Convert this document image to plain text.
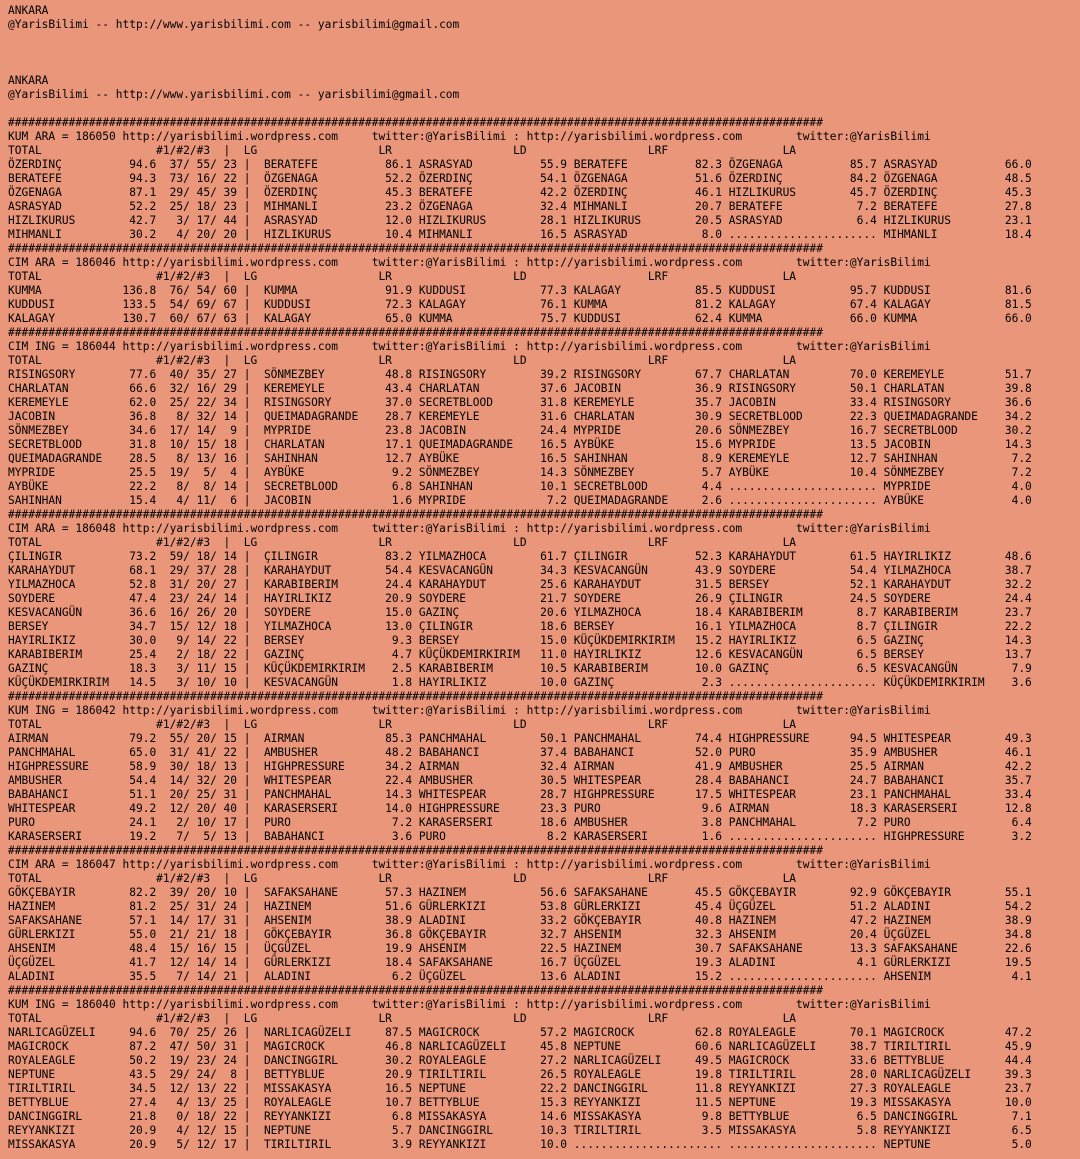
ANKARA
@YarisBilimi -- http://www.yarisbilimi.com -- yarisbilimi@gmail.com
ANKARA
@YarisBilimi -- http://www.yarisbilimi.com -- yarisbilimi@gmail.com
#########################################################################################################################
KUM ARA = 186050 http://yarisbilimi.wordpress.com     twitter:@YarisBilimi : http://yarisbilimi.wordpress.com        twitter:@YarisBilimi
TOTAL                 #1/#2/#3  |  LG                  LR                  LD                  LRF                 LA
ÖZERDINÇ          94.6  37/ 55/ 23 |  BERATEFE          86.1 ASRASYAD          55.9 BERATEFE          82.3 ÖZGENAGA          85.7 ASRASYAD          66.0
BERATEFE          94.3  73/ 16/ 22 |  ÖZGENAGA          52.2 ÖZERDINÇ          54.1 ÖZGENAGA          51.6 ÖZERDINÇ          84.2 ÖZGENAGA          48.5
ÖZGENAGA          87.1  29/ 45/ 39 |  ÖZERDINÇ          45.3 BERATEFE          42.2 ÖZERDINÇ          46.1 HIZLIKURUS        45.7 ÖZERDINÇ          45.3
ASRASYAD          52.2  25/ 18/ 23 |  MIHMANLI          23.2 ÖZGENAGA          32.4 MIHMANLI          20.7 BERATEFE           7.2 BERATEFE          27.8
HIZLIKURUS        42.7   3/ 17/ 44 |  ASRASYAD          12.0 HIZLIKURUS        28.1 HIZLIKURUS        20.5 ASRASYAD           6.4 HIZLIKURUS        23.1
MIHMANLI          30.2   4/ 20/ 20 |  HIZLIKURUS        10.4 MIHMANLI          16.5 ASRASYAD           8.0 ...................... MIHMANLI          18.4
#########################################################################################################################
CIM ARA = 186046 http://yarisbilimi.wordpress.com     twitter:@YarisBilimi : http://yarisbilimi.wordpress.com        twitter:@YarisBilimi
TOTAL                 #1/#2/#3  |  LG                  LR                  LD                  LRF                 LA
KUMMA            136.8  76/ 54/ 60 |  KUMMA             91.9 KUDDUSI           77.3 KALAGAY           85.5 KUDDUSI           95.7 KUDDUSI           81.6
KUDDUSI          133.5  54/ 69/ 67 |  KUDDUSI           72.3 KALAGAY           76.1 KUMMA             81.2 KALAGAY           67.4 KALAGAY           81.5
KALAGAY          130.7  60/ 67/ 63 |  KALAGAY           65.0 KUMMA             75.7 KUDDUSI           62.4 KUMMA             66.0 KUMMA             66.0
#########################################################################################################################
CIM ING = 186044 http://yarisbilimi.wordpress.com     twitter:@YarisBilimi : http://yarisbilimi.wordpress.com        twitter:@YarisBilimi
TOTAL                 #1/#2/#3  |  LG                  LR                  LD                  LRF                 LA
RISINGSORY        77.6  40/ 35/ 27 |  SÖNMEZBEY         48.8 RISINGSORY        39.2 RISINGSORY        67.7 CHARLATAN         70.0 KEREMEYLE         51.7
CHARLATAN         66.6  32/ 16/ 29 |  KEREMEYLE         43.4 CHARLATAN         37.6 JACOBIN           36.9 RISINGSORY        50.1 CHARLATAN         39.8
KEREMEYLE         62.0  25/ 22/ 34 |  RISINGSORY        37.0 SECRETBLOOD       31.8 KEREMEYLE         35.7 JACOBIN           33.4 RISINGSORY        36.6
JACOBIN           36.8   8/ 32/ 14 |  QUEIMADAGRANDE    28.7 KEREMEYLE         31.6 CHARLATAN         30.9 SECRETBLOOD       22.3 QUEIMADAGRANDE    34.2
SÖNMEZBEY         34.6  17/ 14/  9 |  MYPRIDE           23.8 JACOBIN           24.4 MYPRIDE           20.6 SÖNMEZBEY         16.7 SECRETBLOOD       30.2
SECRETBLOOD       31.8  10/ 15/ 18 |  CHARLATAN         17.1 QUEIMADAGRANDE    16.5 AYBÜKE            15.6 MYPRIDE           13.5 JACOBIN           14.3
QUEIMADAGRANDE    28.5   8/ 13/ 16 |  SAHINHAN          12.7 AYBÜKE            16.5 SAHINHAN           8.9 KEREMEYLE         12.7 SAHINHAN           7.2
MYPRIDE           25.5  19/  5/  4 |  AYBÜKE             9.2 SÖNMEZBEY         14.3 SÖNMEZBEY          5.7 AYBÜKE            10.4 SÖNMEZBEY          7.2
AYBÜKE            22.2   8/  8/ 14 |  SECRETBLOOD        6.8 SAHINHAN          10.1 SECRETBLOOD        4.4 ...................... MYPRIDE            4.0
SAHINHAN          15.4   4/ 11/  6 |  JACOBIN            1.6 MYPRIDE            7.2 QUEIMADAGRANDE     2.6 ...................... AYBÜKE             4.0
#########################################################################################################################
CIM ARA = 186048 http://yarisbilimi.wordpress.com     twitter:@YarisBilimi : http://yarisbilimi.wordpress.com        twitter:@YarisBilimi
TOTAL                 #1/#2/#3  |  LG                  LR                  LD                  LRF                 LA
ÇILINGIR          73.2  59/ 18/ 14 |  ÇILINGIR          83.2 YILMAZHOCA        61.7 ÇILINGIR          52.3 KARAHAYDUT        61.5 HAYIRLIKIZ        48.6
KARAHAYDUT        68.1  29/ 37/ 28 |  KARAHAYDUT        54.4 KESVACANGÜN       34.3 KESVACANGÜN       43.9 SOYDERE           54.4 YILMAZHOCA        38.7
YILMAZHOCA        52.8  31/ 20/ 27 |  KARABIBERIM       24.4 KARAHAYDUT        25.6 KARAHAYDUT        31.5 BERSEY            52.1 KARAHAYDUT        32.2
SOYDERE           47.4  23/ 24/ 14 |  HAYIRLIKIZ        20.9 SOYDERE           21.7 SOYDERE           26.9 ÇILINGIR          24.5 SOYDERE           24.4
KESVACANGÜN       36.6  16/ 26/ 20 |  SOYDERE           15.0 GAZINÇ            20.6 YILMAZHOCA        18.4 KARABIBERIM        8.7 KARABIBERIM       23.7
BERSEY            34.7  15/ 12/ 18 |  YILMAZHOCA        13.0 ÇILINGIR          18.6 BERSEY            16.1 YILMAZHOCA         8.7 ÇILINGIR          22.2
HAYIRLIKIZ        30.0   9/ 14/ 22 |  BERSEY             9.3 BERSEY            15.0 KÜÇÜKDEMIRKIRIM   15.2 HAYIRLIKIZ         6.5 GAZINÇ            14.3
KARABIBERIM       25.4   2/ 18/ 22 |  GAZINÇ             4.7 KÜÇÜKDEMIRKIRIM   11.0 HAYIRLIKIZ        12.6 KESVACANGÜN        6.5 BERSEY            13.7
GAZINÇ            18.3   3/ 11/ 15 |  KÜÇÜKDEMIRKIRIM    2.5 KARABIBERIM       10.5 KARABIBERIM       10.0 GAZINÇ             6.5 KESVACANGÜN        7.9
KÜÇÜKDEMIRKIRIM   14.5   3/ 10/ 10 |  KESVACANGÜN        1.8 HAYIRLIKIZ        10.0 GAZINÇ             2.3 ...................... KÜÇÜKDEMIRKIRIM    3.6
#########################################################################################################################
KUM ING = 186042 http://yarisbilimi.wordpress.com     twitter:@YarisBilimi : http://yarisbilimi.wordpress.com        twitter:@YarisBilimi
TOTAL                 #1/#2/#3  |  LG                  LR                  LD                  LRF                 LA
AIRMAN            79.2  55/ 20/ 15 |  AIRMAN            85.3 PANCHMAHAL        50.1 PANCHMAHAL        74.4 HIGHPRESSURE      94.5 WHITESPEAR        49.3
PANCHMAHAL        65.0  31/ 41/ 22 |  AMBUSHER          48.2 BABAHANCI         37.4 BABAHANCI         52.0 PURO              35.9 AMBUSHER          46.1
HIGHPRESSURE      58.9  30/ 18/ 13 |  HIGHPRESSURE      34.2 AIRMAN            32.4 AIRMAN            41.9 AMBUSHER          25.5 AIRMAN            42.2
AMBUSHER          54.4  14/ 32/ 20 |  WHITESPEAR        22.4 AMBUSHER          30.5 WHITESPEAR        28.4 BABAHANCI         24.7 BABAHANCI         35.7
BABAHANCI         51.1  20/ 25/ 31 |  PANCHMAHAL        14.3 WHITESPEAR        28.7 HIGHPRESSURE      17.5 WHITESPEAR        23.1 PANCHMAHAL        33.4
WHITESPEAR        49.2  12/ 20/ 40 |  KARASERSERI       14.0 HIGHPRESSURE      23.3 PURO               9.6 AIRMAN            18.3 KARASERSERI       12.8
PURO              24.1   2/ 10/ 17 |  PURO               7.2 KARASERSERI       18.6 AMBUSHER           3.8 PANCHMAHAL         7.2 PURO               6.4
KARASERSERI       19.2   7/  5/ 13 |  BABAHANCI          3.6 PURO               8.2 KARASERSERI        1.6 ...................... HIGHPRESSURE       3.2
#########################################################################################################################
CIM ARA = 186047 http://yarisbilimi.wordpress.com     twitter:@YarisBilimi : http://yarisbilimi.wordpress.com        twitter:@YarisBilimi
TOTAL                 #1/#2/#3  |  LG                  LR                  LD                  LRF                 LA
GÖKÇEBAYIR        82.2  39/ 20/ 10 |  SAFAKSAHANE       57.3 HAZINEM           56.6 SAFAKSAHANE       45.5 GÖKÇEBAYIR        92.9 GÖKÇEBAYIR        55.1
HAZINEM           81.2  25/ 31/ 24 |  HAZINEM           51.6 GÜRLERKIZI        53.8 GÜRLERKIZI        45.4 ÜÇGÜZEL           51.2 ALADINI           54.2
SAFAKSAHANE       57.1  14/ 17/ 31 |  AHSENIM           38.9 ALADINI           33.2 GÖKÇEBAYIR        40.8 HAZINEM           47.2 HAZINEM           38.9
GÜRLERKIZI        55.0  21/ 21/ 18 |  GÖKÇEBAYIR        36.8 GÖKÇEBAYIR        32.7 AHSENIM           32.3 AHSENIM           20.4 ÜÇGÜZEL           34.8
AHSENIM           48.4  15/ 16/ 15 |  ÜÇGÜZEL           19.9 AHSENIM           22.5 HAZINEM           30.7 SAFAKSAHANE       13.3 SAFAKSAHANE       22.6
ÜÇGÜZEL           41.7  12/ 14/ 14 |  GÜRLERKIZI        18.4 SAFAKSAHANE       16.7 ÜÇGÜZEL           19.3 ALADINI            4.1 GÜRLERKIZI        19.5
ALADINI           35.5   7/ 14/ 21 |  ALADINI            6.2 ÜÇGÜZEL           13.6 ALADINI           15.2 ...................... AHSENIM            4.1
#########################################################################################################################
KUM ING = 186040 http://yarisbilimi.wordpress.com     twitter:@YarisBilimi : http://yarisbilimi.wordpress.com        twitter:@YarisBilimi
TOTAL                 #1/#2/#3  |  LG                  LR                  LD                  LRF                 LA
NARLICAGÜZELI     94.6  70/ 25/ 26 |  NARLICAGÜZELI     87.5 MAGICROCK         57.2 MAGICROCK         62.8 ROYALEAGLE        70.1 MAGICROCK         47.2
MAGICROCK         87.2  47/ 50/ 31 |  MAGICROCK         46.8 NARLICAGÜZELI     45.8 NEPTUNE           60.6 NARLICAGÜZELI     38.7 TIRILTIRIL        45.9
ROYALEAGLE        50.2  19/ 23/ 24 |  DANCINGGIRL       30.2 ROYALEAGLE        27.2 NARLICAGÜZELI     49.5 MAGICROCK         33.6 BETTYBLUE         44.4
NEPTUNE           43.5  29/ 24/  8 |  BETTYBLUE         20.9 TIRILTIRIL        26.5 ROYALEAGLE        19.8 TIRILTIRIL        28.0 NARLICAGÜZELI     39.3
TIRILTIRIL        34.5  12/ 13/ 22 |  MISSAKASYA        16.5 NEPTUNE           22.2 DANCINGGIRL       11.8 REYYANKIZI        27.3 ROYALEAGLE        23.7
BETTYBLUE         27.4   4/ 13/ 25 |  ROYALEAGLE        10.7 BETTYBLUE         15.3 REYYANKIZI        11.5 NEPTUNE           19.3 MISSAKASYA        10.0
DANCINGGIRL       21.8   0/ 18/ 22 |  REYYANKIZI         6.8 MISSAKASYA        14.6 MISSAKASYA         9.8 BETTYBLUE          6.5 DANCINGGIRL        7.1
REYYANKIZI        20.9   4/ 12/ 15 |  NEPTUNE            5.7 DANCINGGIRL       10.3 TIRILTIRIL         3.5 MISSAKASYA         5.8 REYYANKIZI         6.5
MISSAKASYA        20.9   5/ 12/ 17 |  TIRILTIRIL         3.9 REYYANKIZI        10.0 ...................... ...................... NEPTUNE            5.0
